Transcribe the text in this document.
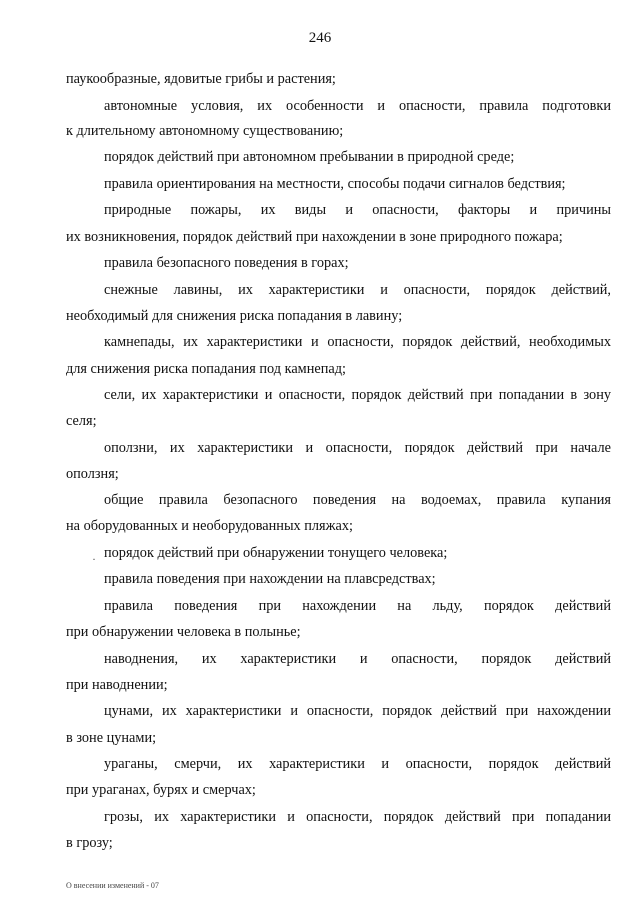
246
паукообразные, ядовитые грибы и растения;
автономные условия, их особенности и опасности, правила подготовки
к длительному автономному существованию;
порядок действий при автономном пребывании в природной среде;
правила ориентирования на местности, способы подачи сигналов бедствия;
природные пожары, их виды и опасности, факторы и причины
их возникновения, порядок действий при нахождении в зоне природного пожара;
правила безопасного поведения в горах;
снежные лавины, их характеристики и опасности, порядок действий,
необходимый для снижения риска попадания в лавину;
камнепады, их характеристики и опасности, порядок действий, необходимых
для снижения риска попадания под камнепад;
сели, их характеристики и опасности, порядок действий при попадании в зону
селя;
оползни, их характеристики и опасности, порядок действий при начале
оползня;
общие правила безопасного поведения на водоемах, правила купания
на оборудованных и необорудованных пляжах;
· порядок действий при обнаружении тонущего человека;
правила поведения при нахождении на плавсредствах;
правила поведения при нахождении на льду, порядок действий
при обнаружении человека в полынье;
наводнения, их характеристики и опасности, порядок действий
при наводнении;
цунами, их характеристики и опасности, порядок действий при нахождении
в зоне цунами;
ураганы, смерчи, их характеристики и опасности, порядок действий
при ураганах, бурях и смерчах;
грозы, их характеристики и опасности, порядок действий при попадании
в грозу;
О внесении изменений - 07
